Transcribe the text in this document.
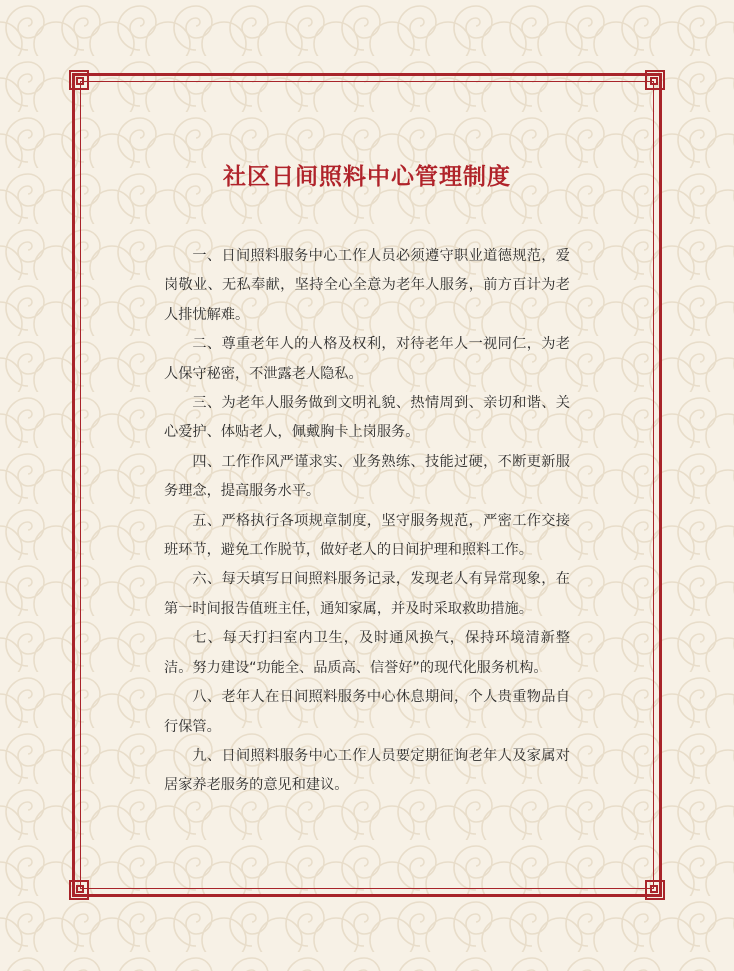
社区日间照料中心管理制度

一、日间照料服务中心工作人员必须遵守职业道德规范，爱岗敬业、无私奉献，坚持全心全意为老年人服务，前方百计为老人排忧解难。

二、尊重老年人的人格及权利，对待老年人一视同仁，为老人保守秘密，不泄露老人隐私。

三、为老年人服务做到文明礼貌、热情周到、亲切和谐、关心爱护、体贴老人，佩戴胸卡上岗服务。

四、工作作风严谨求实、业务熟练、技能过硬，不断更新服务理念，提高服务水平。

五、严格执行各项规章制度，坚守服务规范，严密工作交接班环节，避免工作脱节，做好老人的日间护理和照料工作。

六、每天填写日间照料服务记录，发现老人有异常现象，在第一时间报告值班主任，通知家属，并及时采取救助措施。

七、每天打扫室内卫生，及时通风换气，保持环境清新整洁。努力建设“功能全、品质高、信誉好”的现代化服务机构。

八、老年人在日间照料服务中心休息期间，个人贵重物品自行保管。

九、日间照料服务中心工作人员要定期征询老年人及家属对居家养老服务的意见和建议。
